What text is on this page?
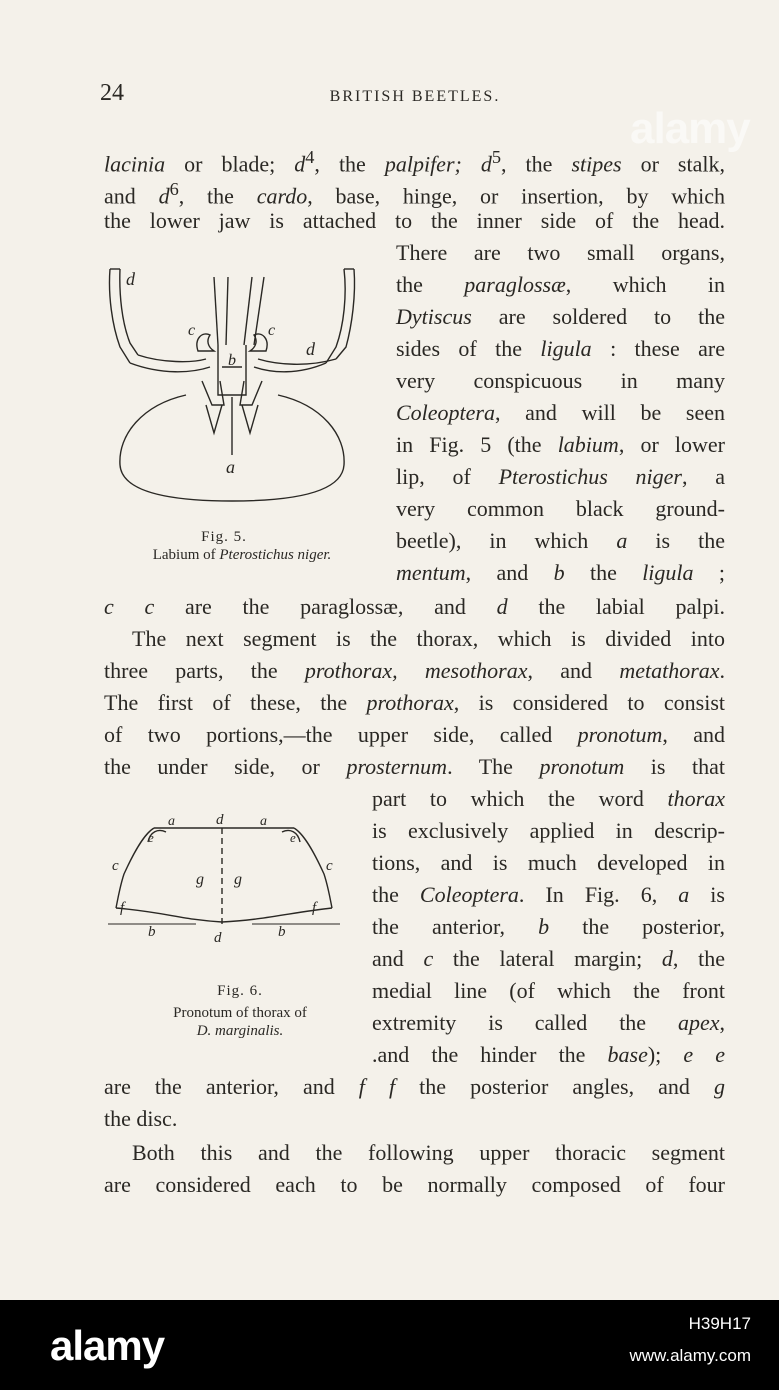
24	BRITISH BEETLES.
alamy
lacinia or blade; $d^4$, the palpifer; $d^5$, the stipes or stalk,
and $d^6$, the cardo, base, hinge, or insertion, by which
the lower jaw is attached to the inner side of the head.
There are two small organs,
the paraglossæ, which in
Dytiscus are soldered to the
sides of the ligula : these are
very conspicuous in many
Coleoptera, and will be seen
in Fig. 5 (the labium, or lower
lip, of Pterostichus niger, a
very common black ground-
beetle), in which a is the
mentum, and b the ligula ;
c c are the paraglossæ, and d the labial palpi.
The next segment is the thorax, which is divided into
three parts, the prothorax, mesothorax, and metathorax.
The first of these, the prothorax, is considered to consist
of two portions,—the upper side, called pronotum, and
the under side, or prosternum. The pronotum is that
part to which the word thorax
is exclusively applied in descrip-
tions, and is much developed in
the Coleoptera. In Fig. 6, a is
the anterior, b the posterior,
and c the lateral margin; d, the
medial line (of which the front
extremity is called the apex,
.and the hinder the base); e e
are the anterior, and f f the posterior angles, and g
the disc.
Both this and the following upper thoracic segment
are considered each to be normally composed of four
d
c	c
b
d
a
Fig. 5.
Labium of Pterostichus niger.
a	d	a
e	e
c	c
g g
f	f
b	d	b
Fig. 6.
Pronotum of thorax of
D. marginalis.
alamy	H39H17
www.alamy.com
